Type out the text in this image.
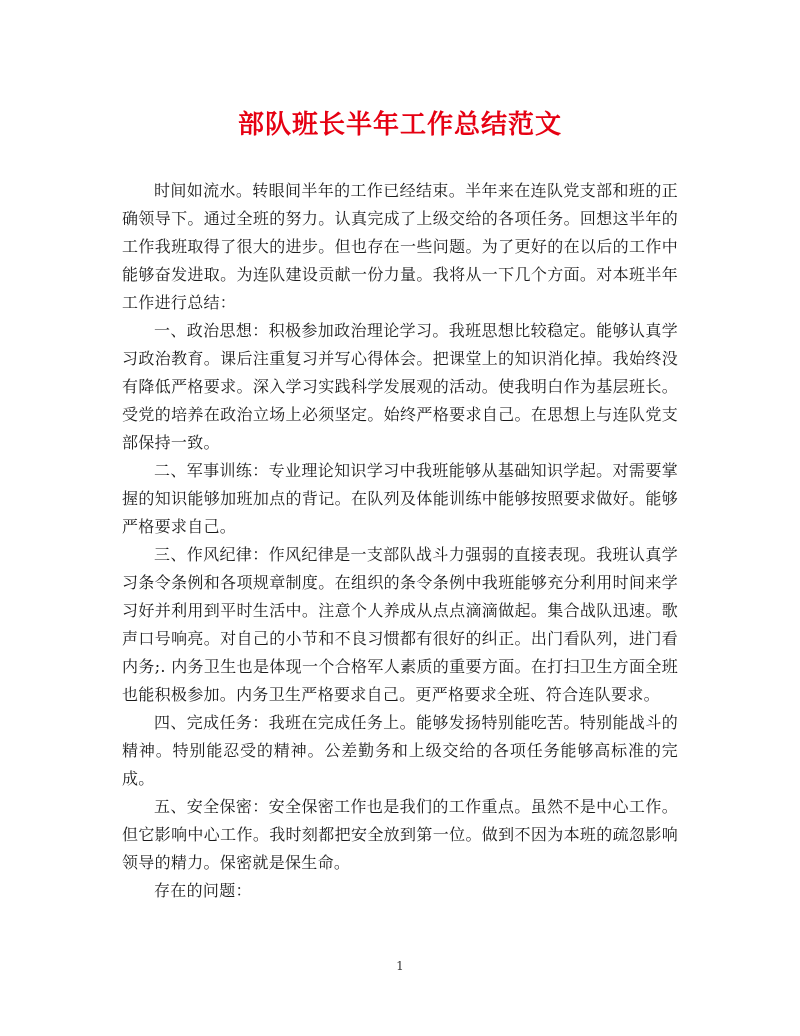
部队班长半年工作总结范文

时间如流水。转眼间半年的工作已经结束。半年来在连队党支部和班的正确领导下。通过全班的努力。认真完成了上级交给的各项任务。回想这半年的工作我班取得了很大的进步。但也存在一些问题。为了更好的在以后的工作中能够奋发进取。为连队建设贡献一份力量。我将从一下几个方面。对本班半年工作进行总结：

一、政治思想：积极参加政治理论学习。我班思想比较稳定。能够认真学习政治教育。课后注重复习并写心得体会。把课堂上的知识消化掉。我始终没有降低严格要求。深入学习实践科学发展观的活动。使我明白作为基层班长。受党的培养在政治立场上必须坚定。始终严格要求自己。在思想上与连队党支部保持一致。

二、军事训练：专业理论知识学习中我班能够从基础知识学起。对需要掌握的知识能够加班加点的背记。在队列及体能训练中能够按照要求做好。能够严格要求自己。

三、作风纪律：作风纪律是一支部队战斗力强弱的直接表现。我班认真学习条令条例和各项规章制度。在组织的条令条例中我班能够充分利用时间来学习好并利用到平时生活中。注意个人养成从点点滴滴做起。集合战队迅速。歌声口号响亮。对自己的小节和不良习惯都有很好的纠正。出门看队列，进门看内务;. 内务卫生也是体现一个合格军人素质的重要方面。在打扫卫生方面全班也能积极参加。内务卫生严格要求自己。更严格要求全班、符合连队要求。

四、完成任务：我班在完成任务上。能够发扬特别能吃苦。特别能战斗的精神。特别能忍受的精神。公差勤务和上级交给的各项任务能够高标准的完成。

五、安全保密：安全保密工作也是我们的工作重点。虽然不是中心工作。但它影响中心工作。我时刻都把安全放到第一位。做到不因为本班的疏忽影响领导的精力。保密就是保生命。

存在的问题：

1
